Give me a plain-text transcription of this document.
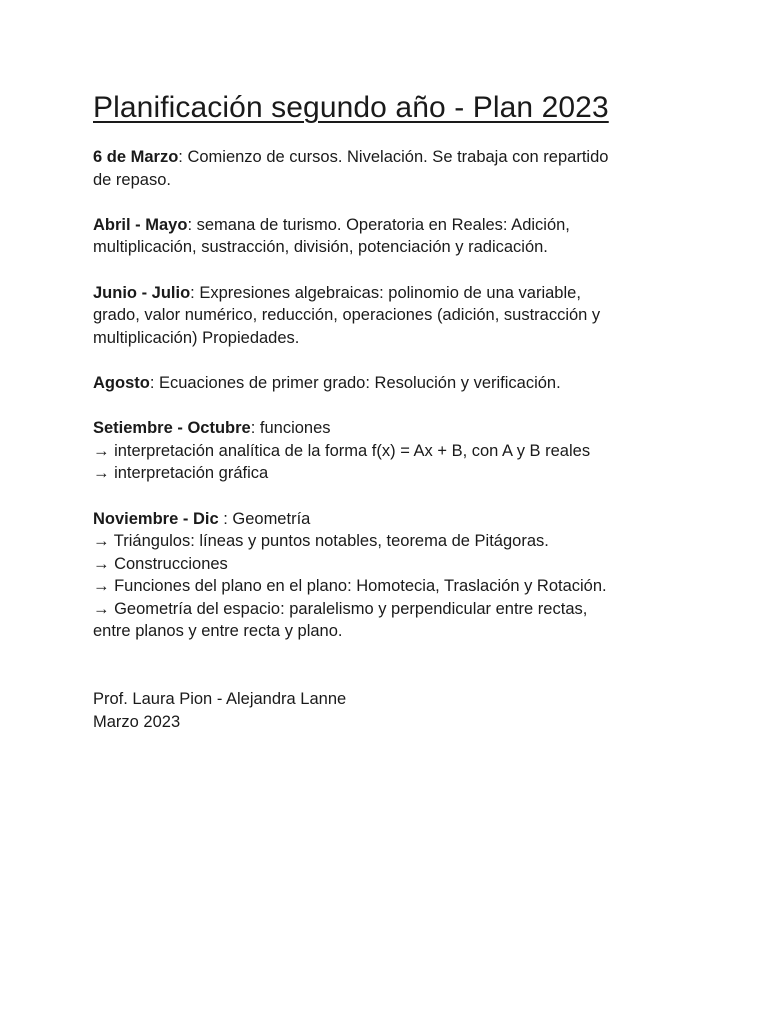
Planificación segundo año - Plan 2023
6 de Marzo: Comienzo de cursos. Nivelación. Se trabaja con repartido
de repaso.
Abril - Mayo: semana de turismo. Operatoria en Reales: Adición,
multiplicación, sustracción, división, potenciación y radicación.
Junio - Julio: Expresiones algebraicas: polinomio de una variable,
grado, valor numérico, reducción, operaciones (adición, sustracción y
multiplicación) Propiedades.
Agosto: Ecuaciones de primer grado: Resolución y verificación.
Setiembre - Octubre: funciones
→ interpretación analítica de la forma f(x) = Ax + B, con A y B reales
→ interpretación gráfica
Noviembre - Dic : Geometría
→ Triángulos: líneas y puntos notables, teorema de Pitágoras.
→ Construcciones
→ Funciones del plano en el plano: Homotecia, Traslación y Rotación.
→ Geometría del espacio: paralelismo y perpendicular entre rectas,
entre planos y entre recta y plano.
Prof. Laura Pion - Alejandra Lanne
Marzo 2023
